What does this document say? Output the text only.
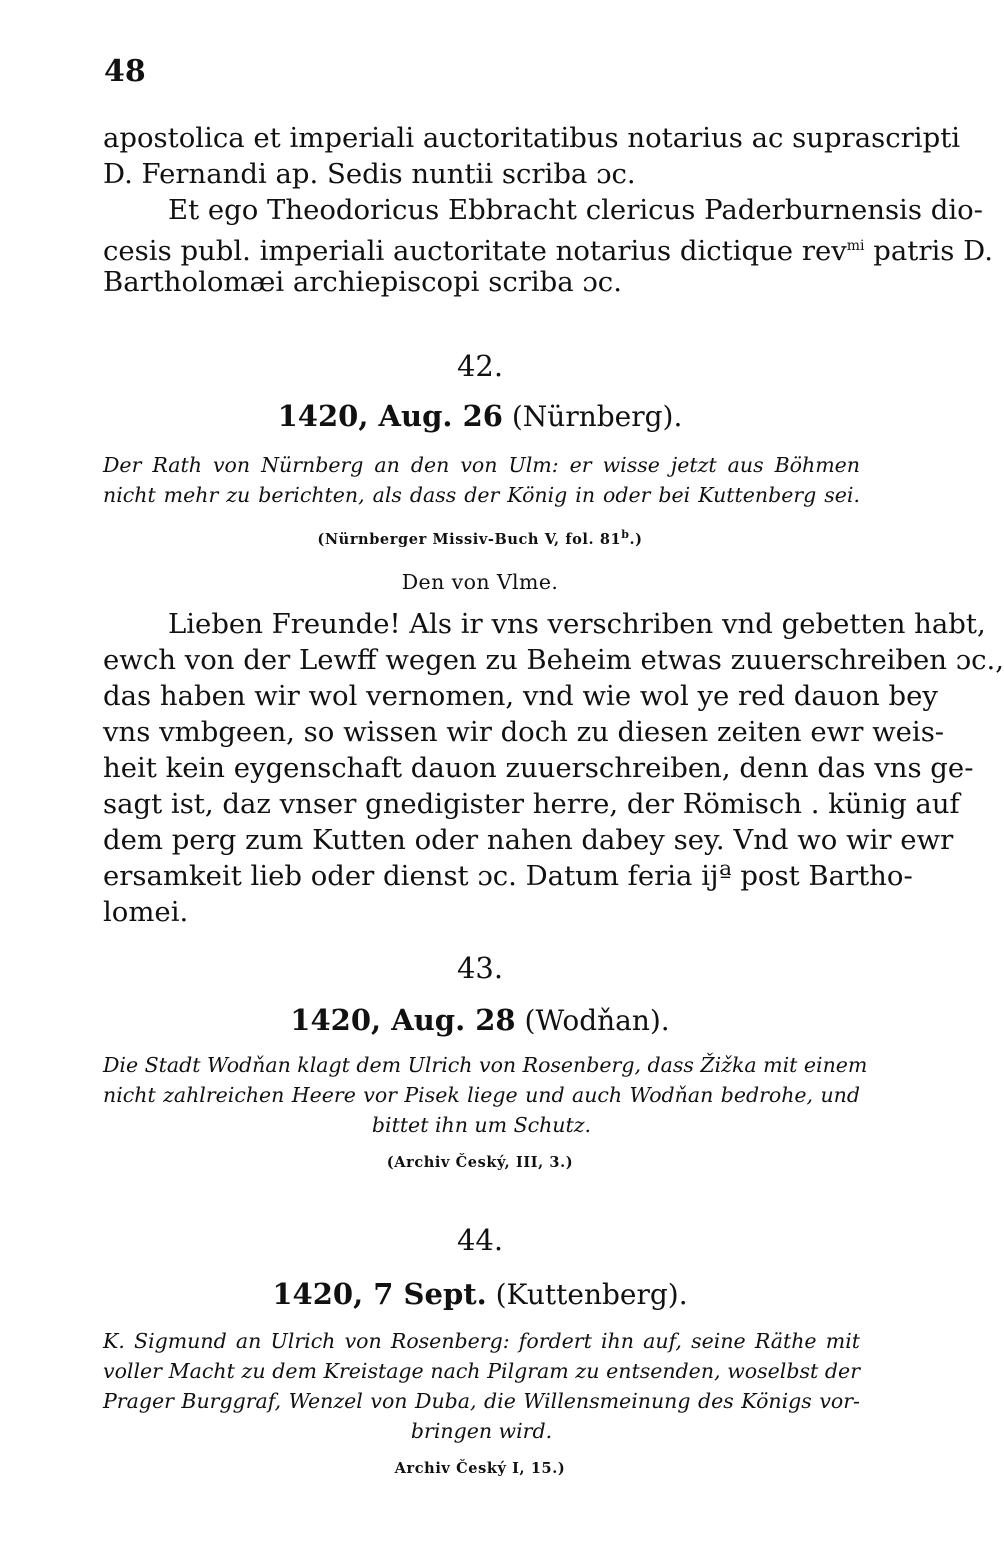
48
apostolica et imperiali auctoritatibus notarius ac suprascripti
D. Fernandi ap. Sedis nuntii scriba ɔc.
Et ego Theodoricus Ebbracht clericus Paderburnensis dio-
cesis publ. imperiali auctoritate notarius dictique rev$^{mi}$ patris D.
Bartholomæi archiepiscopi scriba ɔc.
42.
1420, Aug. 26 (Nürnberg).
Der Rath von Nürnberg an den von Ulm: er wisse jetzt aus Böhmen
nicht mehr zu berichten, als dass der König in oder bei Kuttenberg sei.
(Nürnberger Missiv-Buch V, fol. 81$^b$.)
Den von Vlme.
Lieben Freunde! Als ir vns verschriben vnd gebetten habt,
ewch von der Lewff wegen zu Beheim etwas zuuerschreiben ɔc.,
das haben wir wol vernomen, vnd wie wol ye red dauon bey
vns vmbgeen, so wissen wir doch zu diesen zeiten ewr weis-
heit kein eygenschaft dauon zuuerschreiben, denn das vns ge-
sagt ist, daz vnser gnedigister herre, der Römisch . künig auf
dem perg zum Kutten oder nahen dabey sey. Vnd wo wir ewr
ersamkeit lieb oder dienst ɔc. Datum feria ijª post Bartho-
lomei.
43.
1420, Aug. 28 (Wodňan).
Die Stadt Wodňan klagt dem Ulrich von Rosenberg, dass Žižka mit einem
nicht zahlreichen Heere vor Pisek liege und auch Wodňan bedrohe, und
bittet ihn um Schutz.
(Archiv Český, III, 3.)
44.
1420, 7 Sept. (Kuttenberg).
K. Sigmund an Ulrich von Rosenberg: fordert ihn auf, seine Räthe mit
voller Macht zu dem Kreistage nach Pilgram zu entsenden, woselbst der
Prager Burggraf, Wenzel von Duba, die Willensmeinung des Königs vor-
bringen wird.
Archiv Český I, 15.)
